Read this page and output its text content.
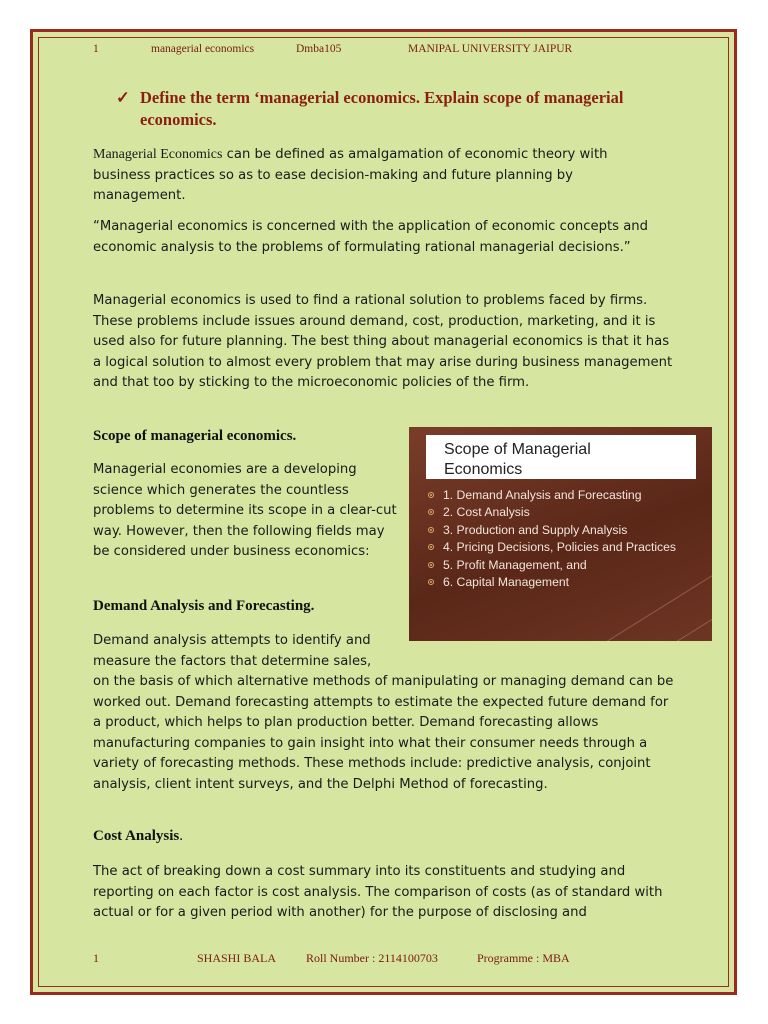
1	managerial economics	Dmba105	MANIPAL UNIVERSITY JAIPUR
✓ Define the term ‘managerial economics. Explain scope of managerial economics.

Managerial Economics can be defined as amalgamation of economic theory with business practices so as to ease decision-making and future planning by management.

“Managerial economics is concerned with the application of economic concepts and economic analysis to the problems of formulating rational managerial decisions.”

Managerial economics is used to find a rational solution to problems faced by firms. These problems include issues around demand, cost, production, marketing, and it is used also for future planning. The best thing about managerial economics is that it has a logical solution to almost every problem that may arise during business management and that too by sticking to the microeconomic policies of the firm.

Scope of managerial economics.

Managerial economies are a developing science which generates the countless problems to determine its scope in a clear-cut way. However, then the following fields may be considered under business economics:

Demand Analysis and Forecasting.

Demand analysis attempts to identify and measure the factors that determine sales,

on the basis of which alternative methods of manipulating or managing demand can be worked out. Demand forecasting attempts to estimate the expected future demand for a product, which helps to plan production better. Demand forecasting allows manufacturing companies to gain insight into what their consumer needs through a variety of forecasting methods. These methods include: predictive analysis, conjoint analysis, client intent surveys, and the Delphi Method of forecasting.

Cost Analysis.

The act of breaking down a cost summary into its constituents and studying and reporting on each factor is cost analysis. The comparison of costs (as of standard with actual or for a given period with another) for the purpose of disclosing and

Scope of Managerial
Economics
1. Demand Analysis and Forecasting
2. Cost Analysis
3. Production and Supply Analysis
4. Pricing Decisions, Policies and Practices
5. Profit Management, and
6. Capital Management
1	SHASHI BALA Roll Number : 2114100703	Programme : MBA
